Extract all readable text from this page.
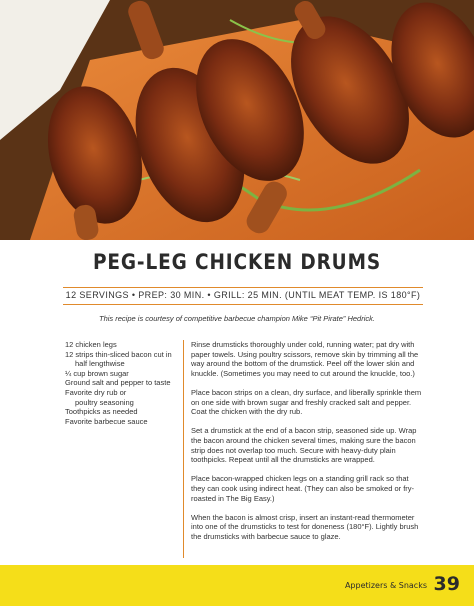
PEG-LEG CHICKEN DRUMS
12 SERVINGS • PREP: 30 MIN. • GRILL: 25 MIN. (UNTIL MEAT TEMP. IS 180°F)
This recipe is courtesy of competitive barbecue champion Mike “Pit Pirate” Hedrick.
12 chicken legs
12 strips thin-sliced bacon cut in
half lengthwise
¼ cup brown sugar
Ground salt and pepper to taste
Favorite dry rub or
poultry seasoning
Toothpicks as needed
Favorite barbecue sauce

Rinse drumsticks thoroughly under cold, running water; pat dry with paper towels. Using poultry scissors, remove skin by trimming all the way around the bottom of the drumstick. Peel off the lower skin and knuckle. (Sometimes you may need to cut around the knuckle, too.)

Place bacon strips on a clean, dry surface, and liberally sprinkle them on one side with brown sugar and freshly cracked salt and pepper. Coat the chicken with the dry rub.

Set a drumstick at the end of a bacon strip, seasoned side up. Wrap the bacon around the chicken several times, making sure the bacon strip does not overlap too much. Secure with heavy-duty plain toothpicks. Repeat until all the drumsticks are wrapped.

Place bacon-wrapped chicken legs on a standing grill rack so that they can cook using indirect heat. (They can also be smoked or fry-roasted in The Big Easy.)

When the bacon is almost crisp, insert an instant-read thermometer into one of the drumsticks to test for doneness (180°F). Lightly brush the drumsticks with barbecue sauce to glaze.

Appetizers & Snacks 39
